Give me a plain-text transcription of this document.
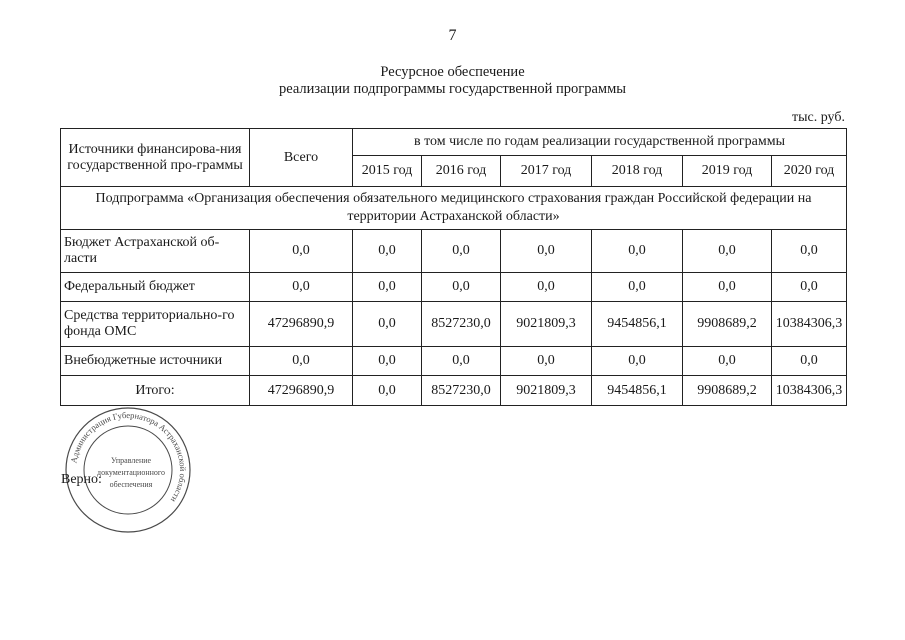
7
Ресурсное обеспечение
реализации подпрограммы государственной программы
тыс. руб.
Источники финансирова-ния государственной про-граммы	Всего	в том числе по годам реализации государственной программы					
		2015 год	2016 год	2017 год	2018 год	2019 год	2020 год
Подпрограмма «Организация обеспечения обязательного медицинского страхования граждан Российской федерации на территории Астраханской области»							
Бюджет Астраханской об-ласти	0,0	0,0	0,0	0,0	0,0	0,0	0,0
Федеральный бюджет	0,0	0,0	0,0	0,0	0,0	0,0	0,0
Средства территориально-го фонда ОМС	47296890,9	0,0	8527230,0	9021809,3	9454856,1	9908689,2	10384306,3
Внебюджетные источники	0,0	0,0	0,0	0,0	0,0	0,0	0,0
Итого:	47296890,9	0,0	8527230,0	9021809,3	9454856,1	9908689,2	10384306,3
Администрация Губернатора Астраханской области
Управление
документационного
обеспечения
Верно:
